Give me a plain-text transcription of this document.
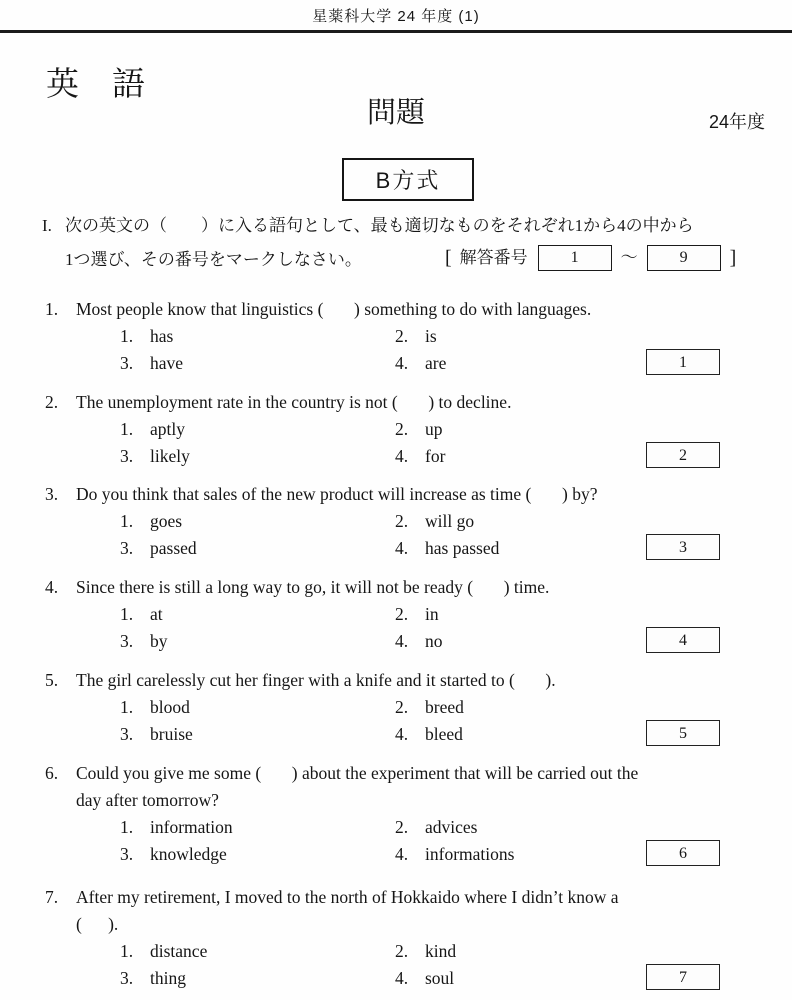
星薬科大学 24 年度 (1)
英　語
問題	24年度
B方式
I. 次の英文の（　　）に入る語句として、最も適切なものをそれぞれ1から4の中から
1つ選び、その番号をマークしなさい。	[ 解答番号	1	～	9	]
1.	Most people know that linguistics (       ) something to do with languages.
1. has	2. is
3. have	4. are	1
2.	The unemployment rate in the country is not (       ) to decline.
1. aptly	2. up
3. likely	4. for	2
3.	Do you think that sales of the new product will increase as time (       ) by?
1. goes	2. will go
3. passed	4. has passed	3
4.	Since there is still a long way to go, it will not be ready (       ) time.
1. at	2. in
3. by	4. no	4
5.	The girl carelessly cut her finger with a knife and it started to (       ).
1. blood	2. breed
3. bruise	4. bleed	5
6.	Could you give me some (       ) about the experiment that will be carried out the
day after tomorrow?
1. information	2. advices
3. knowledge	4. informations	6
7.	After my retirement, I moved to the north of Hokkaido where I didn’t know a
(      ).
1. distance	2. kind
3. thing	4. soul	7
